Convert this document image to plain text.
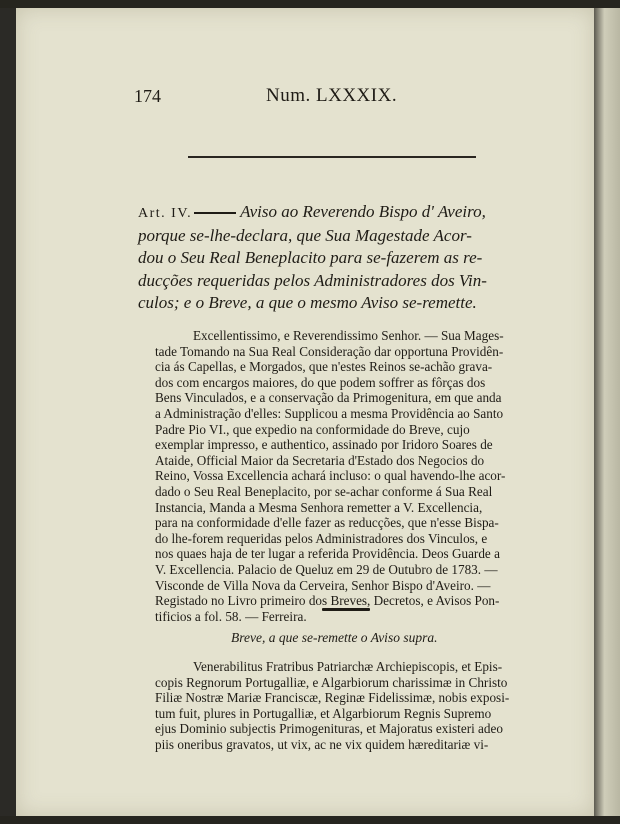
174	Num. LXXXIX.
Art. IV.	Aviso ao Reverendo Bispo d' Aveiro,
porque se-lhe-declara, que Sua Magestade Acor-
dou o Seu Real Beneplacito para se-fazerem as re-
ducções requeridas pelos Administradores dos Vin-
culos; e o Breve, a que o mesmo Aviso se-remette.
Excellentissimo, e Reverendissimo Senhor. — Sua Mages-
tade Tomando na Sua Real Consideração dar opportuna Providên-
cia ás Capellas, e Morgados, que n'estes Reinos se-achão grava-
dos com encargos maiores, do que podem soffrer as fôrças dos
Bens Vinculados, e a conservação da Primogenitura, em que anda
a Administração d'elles: Supplicou a mesma Providência ao Santo
Padre Pio VI., que expedio na conformidade do Breve, cujo
exemplar impresso, e authentico, assinado por Iridoro Soares de
Ataide, Official Maior da Secretaria d'Estado dos Negocios do
Reino, Vossa Excellencia achará incluso: o qual havendo-lhe acor-
dado o Seu Real Beneplacito, por se-achar conforme á Sua Real
Instancia, Manda a Mesma Senhora remetter a V. Excellencia,
para na conformidade d'elle fazer as reducções, que n'esse Bispa-
do lhe-forem requeridas pelos Administradores dos Vinculos, e
nos quaes haja de ter lugar a referida Providência. Deos Guarde a
V. Excellencia. Palacio de Queluz em 29 de Outubro de 1783. —
Visconde de Villa Nova da Cerveira, Senhor Bispo d'Aveiro. —
Registado no Livro primeiro dos Breves, Decretos, e Avisos Pon-
tificios a fol. 58. — Ferreira.
Breve, a que se-remette o Aviso supra.
Venerabilitus Fratribus Patriarchæ Archiepiscopis, et Epis-
copis Regnorum Portugalliæ, e Algarbiorum charissimæ in Christo
Filiæ Nostræ Mariæ Franciscæ, Reginæ Fidelissimæ, nobis exposi-
tum fuit, plures in Portugalliæ, et Algarbiorum Regnis Supremo
ejus Dominio subjectis Primogenituras, et Majoratus existeri adeo
piis oneribus gravatos, ut vix, ac ne vix quidem hæreditariæ vi-
